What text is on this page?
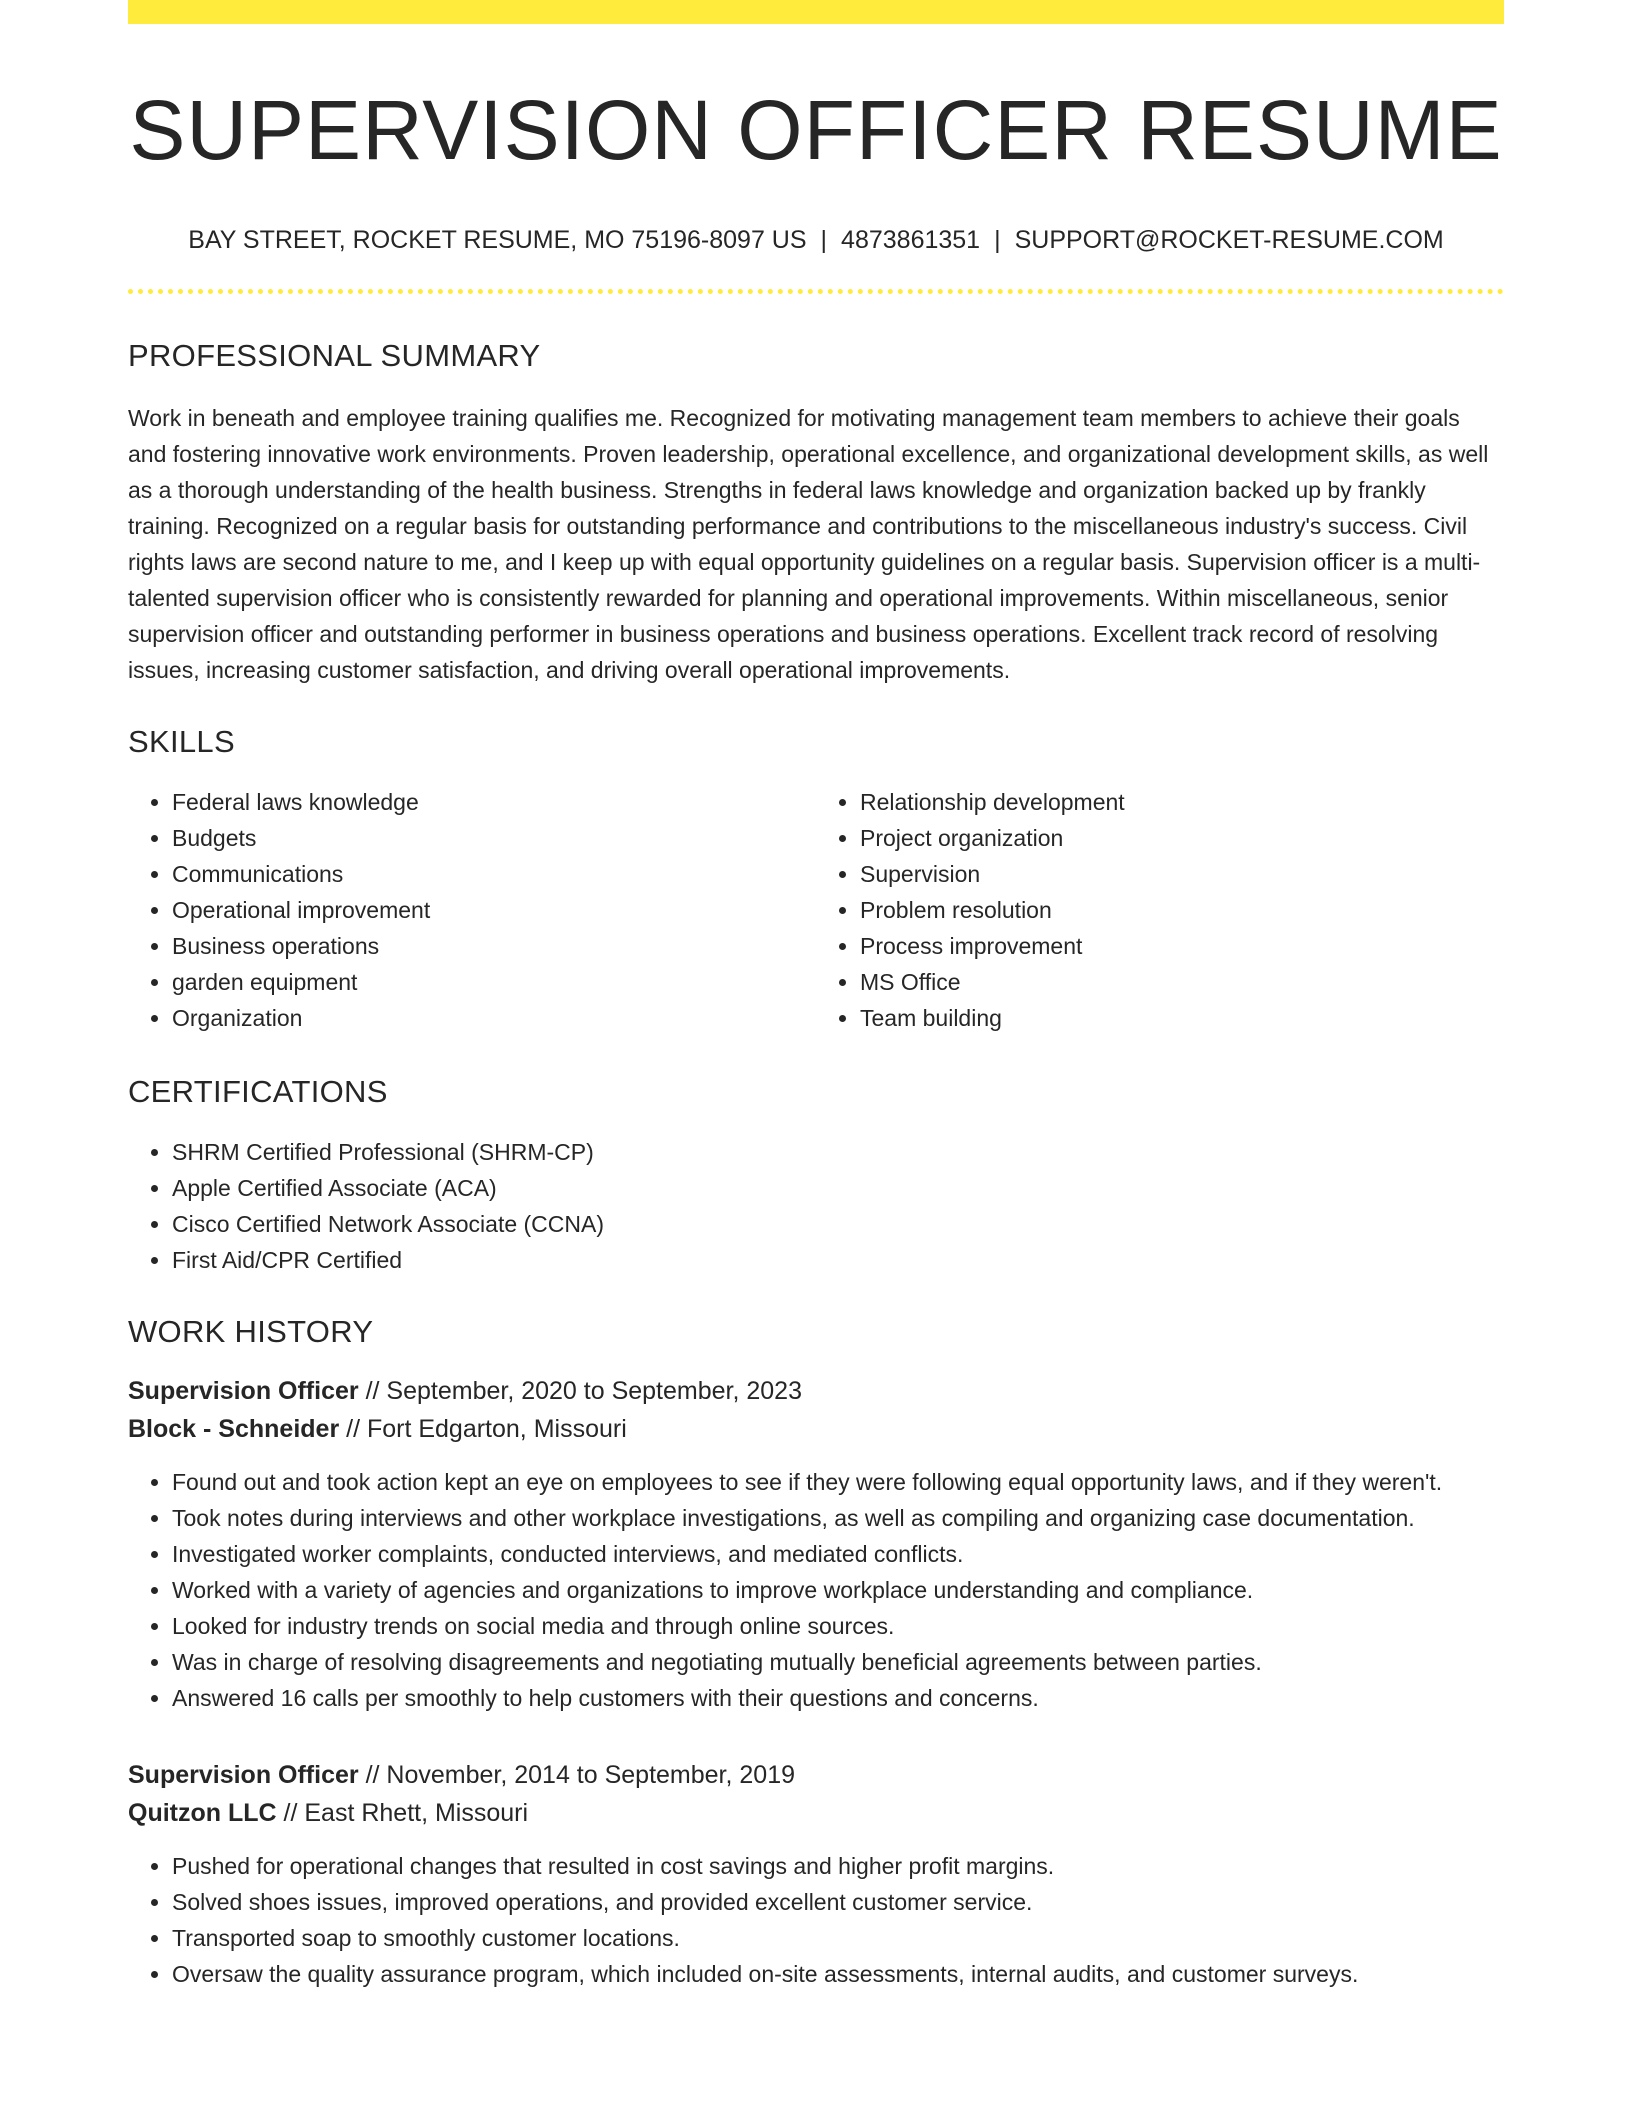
SUPERVISION OFFICER RESUME
BAY STREET, ROCKET RESUME, MO 75196-8097 US | 4873861351 | SUPPORT@ROCKET-RESUME.COM
PROFESSIONAL SUMMARY
Work in beneath and employee training qualifies me. Recognized for motivating management team members to achieve their goals and fostering innovative work environments. Proven leadership, operational excellence, and organizational development skills, as well as a thorough understanding of the health business. Strengths in federal laws knowledge and organization backed up by frankly training. Recognized on a regular basis for outstanding performance and contributions to the miscellaneous industry's success. Civil rights laws are second nature to me, and I keep up with equal opportunity guidelines on a regular basis. Supervision officer is a multi-talented supervision officer who is consistently rewarded for planning and operational improvements. Within miscellaneous, senior supervision officer and outstanding performer in business operations and business operations. Excellent track record of resolving issues, increasing customer satisfaction, and driving overall operational improvements.
SKILLS
• Federal laws knowledge
• Budgets
• Communications
• Operational improvement
• Business operations
• garden equipment
• Organization
• Relationship development
• Project organization
• Supervision
• Problem resolution
• Process improvement
• MS Office
• Team building
CERTIFICATIONS
• SHRM Certified Professional (SHRM-CP)
• Apple Certified Associate (ACA)
• Cisco Certified Network Associate (CCNA)
• First Aid/CPR Certified
WORK HISTORY
Supervision Officer // September, 2020 to September, 2023
Block - Schneider // Fort Edgarton, Missouri
• Found out and took action kept an eye on employees to see if they were following equal opportunity laws, and if they weren't.
• Took notes during interviews and other workplace investigations, as well as compiling and organizing case documentation.
• Investigated worker complaints, conducted interviews, and mediated conflicts.
• Worked with a variety of agencies and organizations to improve workplace understanding and compliance.
• Looked for industry trends on social media and through online sources.
• Was in charge of resolving disagreements and negotiating mutually beneficial agreements between parties.
• Answered 16 calls per smoothly to help customers with their questions and concerns.
Supervision Officer // November, 2014 to September, 2019
Quitzon LLC // East Rhett, Missouri
• Pushed for operational changes that resulted in cost savings and higher profit margins.
• Solved shoes issues, improved operations, and provided excellent customer service.
• Transported soap to smoothly customer locations.
• Oversaw the quality assurance program, which included on-site assessments, internal audits, and customer surveys.
